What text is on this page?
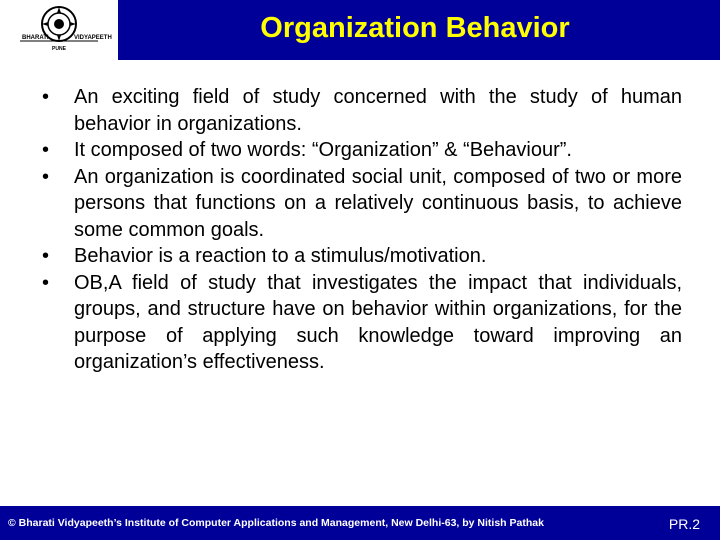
BHARATI	VIDYAPEETH
PUNE
Organization Behavior
•	An exciting field of study concerned with the study of human behavior in organizations.
•	It composed of two words: “Organization” & “Behaviour”.
•	An organization is coordinated social unit, composed of two or more persons that functions on a relatively continuous basis, to achieve some common goals.
•	Behavior is a reaction to a stimulus/motivation.
•	OB,A field of study that investigates the impact that individuals, groups, and structure have on behavior within organizations, for the purpose of applying such knowledge toward improving an organization’s effectiveness.
© Bharati Vidyapeeth’s Institute of Computer Applications and Management, New Delhi-63, by Nitish Pathak	PR.2
